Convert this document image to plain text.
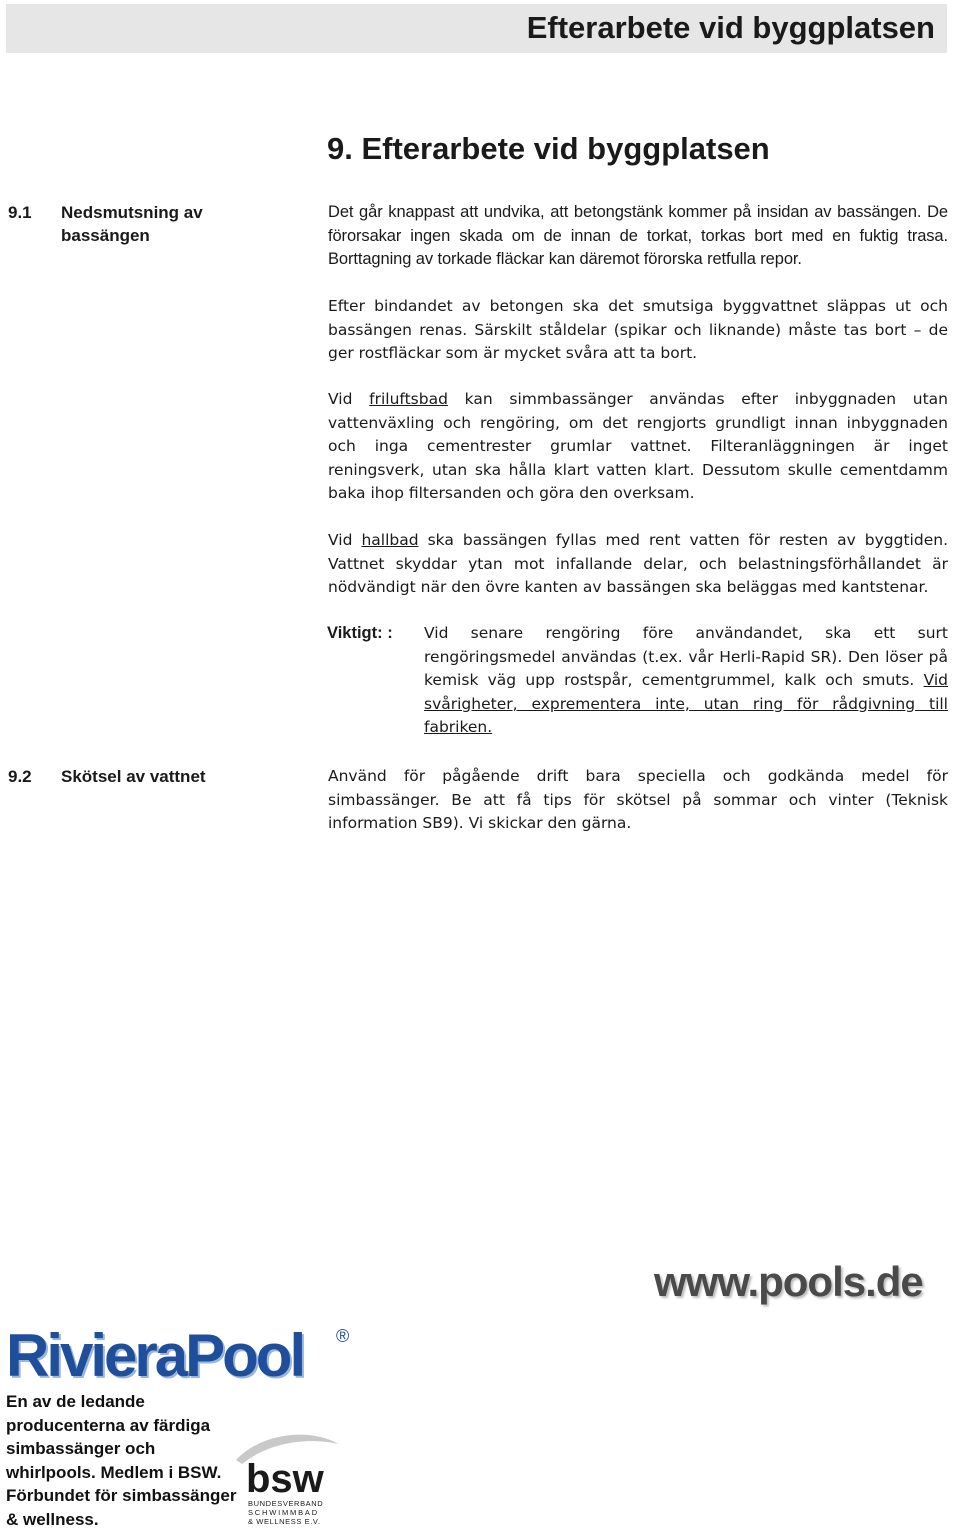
Efterarbete vid byggplatsen
9. Efterarbete vid byggplatsen
9.1 Nedsmutsning av bassängen

Det går knappast att undvika, att betongstänk kommer på insidan av bassängen. De förorsakar ingen skada om de innan de torkat, torkas bort med en fuktig trasa. Borttagning av torkade fläckar kan däremot förorska retfulla repor.

Efter bindandet av betongen ska det smutsiga byggvattnet släppas ut och bassängen renas. Särskilt ståldelar (spikar och liknande) måste tas bort – de ger rostfläckar som är mycket svåra att ta bort.

Vid friluftsbad kan simmbassänger användas efter inbyggnaden utan vattenväxling och rengöring, om det rengjorts grundligt innan inbyggnaden och inga cementrester grumlar vattnet. Filteranläggningen är inget reningsverk, utan ska hålla klart vatten klart. Dessutom skulle cementdamm baka ihop filtersanden och göra den overksam.

Vid hallbad ska bassängen fyllas med rent vatten för resten av byggtiden. Vattnet skyddar ytan mot infallande delar, och belastningsförhållandet är nödvändigt när den övre kanten av bassängen ska beläggas med kantstenar.

Viktigt: : Vid senare rengöring före användandet, ska ett surt rengöringsmedel användas (t.ex. vår Herli-Rapid SR). Den löser på kemisk väg upp rostspår, cementgrummel, kalk och smuts. Vid svårigheter, exprementera inte, utan ring för rådgivning till fabriken.

9.2 Skötsel av vattnet	Använd för pågående drift bara speciella och godkända medel för simbassänger. Be att få tips för skötsel på sommar och vinter (Teknisk information SB9). Vi skickar den gärna.

www.pools.de
RivieraPool ®

En av de ledande producenterna av färdiga simbassänger och whirlpools. Medlem i BSW. Förbundet för simbassänger & wellness.

bsw
BUNDESVERBAND
SCHWIMMBAD
& WELLNESS E.V.
